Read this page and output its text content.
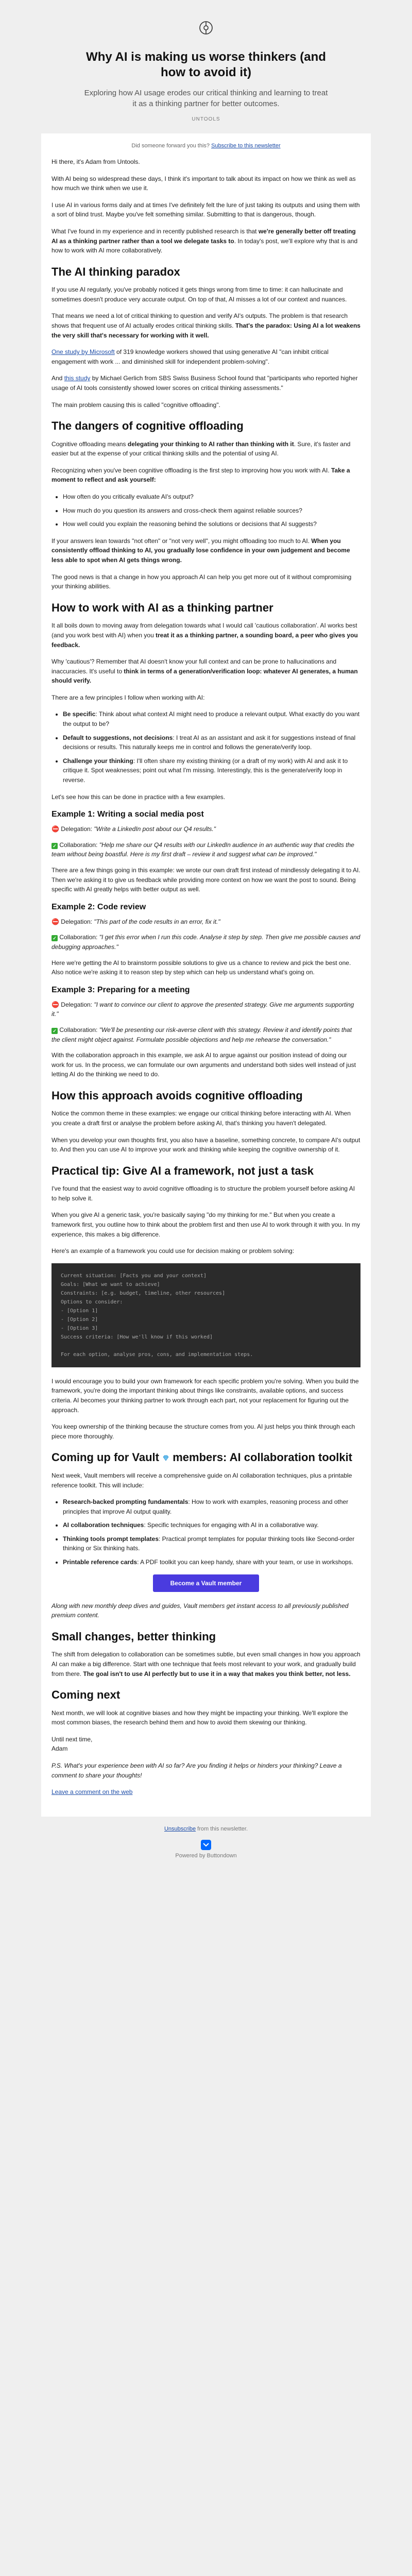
Why AI is making us worse thinkers (and how to avoid it)

Exploring how AI usage erodes our critical thinking and learning to treat it as a thinking partner for better outcomes.

UNTOOLS
Did someone forward you this? Subscribe to this newsletter

Hi there, it's Adam from Untools.

With AI being so widespread these days, I think it's important to talk about its impact on how we think as well as how much we think when we use it.

I use AI in various forms daily and at times I've definitely felt the lure of just taking its outputs and using them with a sort of blind trust. Maybe you've felt something similar. Submitting to that is dangerous, though.

What I've found in my experience and in recently published research is that we're generally better off treating AI as a thinking partner rather than a tool we delegate tasks to. In today's post, we'll explore why that is and how to work with AI more collaboratively.

The AI thinking paradox

If you use AI regularly, you've probably noticed it gets things wrong from time to time: it can hallucinate and sometimes doesn't produce very accurate output. On top of that, AI misses a lot of our context and nuances.

That means we need a lot of critical thinking to question and verify AI's outputs. The problem is that research shows that frequent use of AI actually erodes critical thinking skills. That's the paradox: Using AI a lot weakens the very skill that's necessary for working with it well.

One study by Microsoft of 319 knowledge workers showed that using generative AI "can inhibit critical engagement with work ... and diminished skill for independent problem-solving".

And this study by Michael Gerlich from SBS Swiss Business School found that "participants who reported higher usage of AI tools consistently showed lower scores on critical thinking assessments."

The main problem causing this is called "cognitive offloading".

The dangers of cognitive offloading

Cognitive offloading means delegating your thinking to AI rather than thinking with it. Sure, it's faster and easier but at the expense of your critical thinking skills and the potential of using AI.

Recognizing when you've been cognitive offloading is the first step to improving how you work with AI. Take a moment to reflect and ask yourself:

• How often do you critically evaluate AI's output?
• How much do you question its answers and cross-check them against reliable sources?
• How well could you explain the reasoning behind the solutions or decisions that AI suggests?

If your answers lean towards "not often" or "not very well", you might offloading too much to AI. When you consistently offload thinking to AI, you gradually lose confidence in your own judgement and become less able to spot when AI gets things wrong.

The good news is that a change in how you approach AI can help you get more out of it without compromising your thinking abilities.

How to work with AI as a thinking partner

It all boils down to moving away from delegation towards what I would call 'cautious collaboration'. AI works best (and you work best with AI) when you treat it as a thinking partner, a sounding board, a peer who gives you feedback.

Why 'cautious'? Remember that AI doesn't know your full context and can be prone to hallucinations and inaccuracies. It's useful to think in terms of a generation/verification loop: whatever AI generates, a human should verify.

There are a few principles I follow when working with AI:

• Be specific: Think about what context AI might need to produce a relevant output. What exactly do you want the output to be?
• Default to suggestions, not decisions: I treat AI as an assistant and ask it for suggestions instead of final decisions or results. This naturally keeps me in control and follows the generate/verify loop.
• Challenge your thinking: I'll often share my existing thinking (or a draft of my work) with AI and ask it to critique it. Spot weaknesses; point out what I'm missing. Interestingly, this is the generate/verify loop in reverse.

Let's see how this can be done in practice with a few examples.

Example 1: Writing a social media post
⛔ Delegation: "Write a LinkedIn post about our Q4 results."
✓ Collaboration: "Help me share our Q4 results with our LinkedIn audience in an authentic way that credits the team without being boastful. Here is my first draft – review it and suggest what can be improved."

There are a few things going in this example: we wrote our own draft first instead of mindlessly delegating it to AI. Then we're asking it to give us feedback while providing more context on how we want the post to sound. Being specific with AI greatly helps with better output as well.

Example 2: Code review
⛔ Delegation: "This part of the code results in an error, fix it."
✓ Collaboration: "I get this error when I run this code. Analyse it step by step. Then give me possible causes and debugging approaches."

Here we're getting the AI to brainstorm possible solutions to give us a chance to review and pick the best one. Also notice we're asking it to reason step by step which can help us understand what's going on.

Example 3: Preparing for a meeting
⛔ Delegation: "I want to convince our client to approve the presented strategy. Give me arguments supporting it."
✓ Collaboration: "We'll be presenting our risk-averse client with this strategy. Review it and identify points that the client might object against. Formulate possible objections and help me rehearse the conversation."

With the collaboration approach in this example, we ask AI to argue against our position instead of doing our work for us. In the process, we can formulate our own arguments and understand both sides well instead of just letting AI do the thinking we need to do.

How this approach avoids cognitive offloading

Notice the common theme in these examples: we engage our critical thinking before interacting with AI. When you create a draft first or analyse the problem before asking AI, that's thinking you haven't delegated.

When you develop your own thoughts first, you also have a baseline, something concrete, to compare AI's output to. And then you can use AI to improve your work and thinking while keeping the cognitive ownership of it.

Practical tip: Give AI a framework, not just a task

I've found that the easiest way to avoid cognitive offloading is to structure the problem yourself before asking AI to help solve it.

When you give AI a generic task, you're basically saying "do my thinking for me." But when you create a framework first, you outline how to think about the problem first and then use AI to work through it with you. In my experience, this makes a big difference.

Here's an example of a framework you could use for decision making or problem solving:

Current situation: [Facts you and your context]
Goals: [What we want to achieve]
Constraints: [e.g. budget, timeline, other resources]
Options to consider:
- [Option 1]
- [Option 2]
- [Option 3]
Success criteria: [How we'll know if this worked]

For each option, analyse pros, cons, and implementation steps.

I would encourage you to build your own framework for each specific problem you're solving. When you build the framework, you're doing the important thinking about things like constraints, available options, and success criteria. AI becomes your thinking partner to work through each part, not your replacement for figuring out the approach.

You keep ownership of the thinking because the structure comes from you. AI just helps you think through each piece more thoroughly.

Coming up for Vault  members: AI collaboration toolkit

Next week, Vault members will receive a comprehensive guide on AI collaboration techniques, plus a printable reference toolkit. This will include:

• Research-backed prompting fundamentals: How to work with examples, reasoning process and other principles that improve AI output quality.
• AI collaboration techniques: Specific techniques for engaging with AI in a collaborative way.
• Thinking tools prompt templates: Practical prompt templates for popular thinking tools like Second-order thinking or Six thinking hats.
• Printable reference cards: A PDF toolkit you can keep handy, share with your team, or use in workshops.
Become a Vault member

Along with new monthly deep dives and guides, Vault members get instant access to all previously published premium content.

Small changes, better thinking

The shift from delegation to collaboration can be sometimes subtle, but even small changes in how you approach AI can make a big difference. Start with one technique that feels most relevant to your work, and gradually build from there. The goal isn't to use AI perfectly but to use it in a way that makes you think better, not less.

Coming next

Next month, we will look at cognitive biases and how they might be impacting your thinking. We'll explore the most common biases, the research behind them and how to avoid them skewing our thinking.

Until next time,
Adam

P.S. What's your experience been with AI so far? Are you finding it helps or hinders your thinking? Leave a comment to share your thoughts!

Leave a comment on the web

Unsubscribe from this newsletter.
Powered by Buttondown
